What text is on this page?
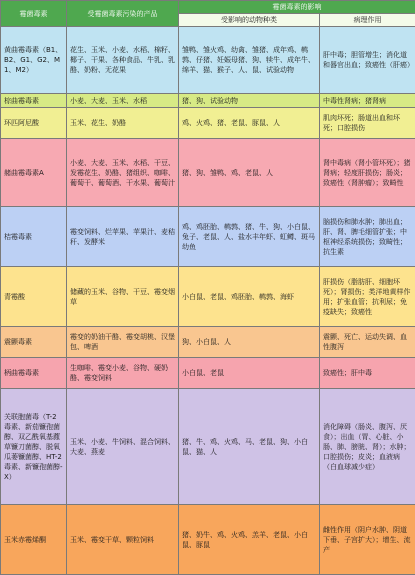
霉菌毒素	受霉菌毒素污染的产品	霉菌毒素的影响	
		受影响的动物种类	病理作用
黄曲霉毒素（B1、B2、G1、G2、M1、M2）	花生、玉米、小麦、水稻、棉籽、椰子、干果、各种食品、牛乳、乳酪、奶粉、无花果	雏鸭、雏火鸡、幼禽、雏猪、成年鸡、鹌鹑、仔猪、妊娠母猪、狗、犊牛、成年牛、绵羊、猫、猴子、人、鼠、试验动物	肝中毒；胆管增生；消化道和器官出血；致癌性（肝癌）
棕曲霉毒素	小麦、大麦、玉米、水稻	猪、狗、试验动物	中毒性肾病；猪肾病
环匹阿尼酸	玉米、花生、奶酪	鸡、火鸡、猪、老鼠、豚鼠、人	肌肉坏死；肠道出血和坏死；口腔损伤
赭曲霉毒素A	小麦、大麦、玉米、水稻、干豆、发霉花生、奶酪、猪组织、咖啡、葡萄干、葡萄酒、干水果、葡萄汁	猪、狗、雏鸭、鸡、老鼠、人	肾中毒病（肾小管坏死）；猪肾病；轻度肝损伤；肠炎；致癌性（肾肿瘤）；致畸性
桔霉毒素	霉变饲料、烂苹果、苹果汁、麦秸秆、发酵米	鸡、鸡胚胎、鹌鹑、猪、牛、狗、小白鼠、兔子、老鼠、人、盐水丰年虾、虹鳟、斑马幼鱼	脑损伤和肺水肿；肺出血；肝、肾、脾毛细管扩张；中枢神经系统损伤；致畸性；抗生素
青霉酸	储藏的玉米、谷物、干豆、霉变烟草	小白鼠、老鼠、鸡胚胎、鹌鹑、海虾	肝损伤（脂肪肝、细胞坏死）；肾损伤；类洋地黄样作用；扩张血管；抗利尿；免疫缺失；致癌性
震颤毒素	霉变的奶油干酪、霉变胡桃、汉堡包、啤酒	狗、小白鼠、人	震颤、死亡、运动失调、血性腹泻
柄曲霉毒素	生咖啡、霉变小麦、谷物、硬奶酪、霉变饲料	小白鼠、老鼠	致癌性；肝中毒
关联胞菌毒（T-2毒素、新茄镰孢菌醇、双乙酰氧基藨草镰刀菌醇、脱氧瓜萎镰菌醇、HT-2毒素、新镰孢菌醇-X）	玉米、小麦、牛饲料、混合饲料、大麦、燕麦	猪、牛、鸡、火鸡、马、老鼠、狗、小白鼠、猫、人	消化障碍（肠炎、腹泻、厌食）；出血（胃、心脏、小肠、肺、膀胱、肾）；水肿；口腔损伤；皮炎；血液病（白血球减少症）
玉米赤霉烯酮	玉米、霉变干草、颗粒饲料	猪、奶牛、鸡、火鸡、羔羊、老鼠、小白鼠、豚鼠	雌性作用（阴户水肿、阴道下垂、子宫扩大）；增生、流产
